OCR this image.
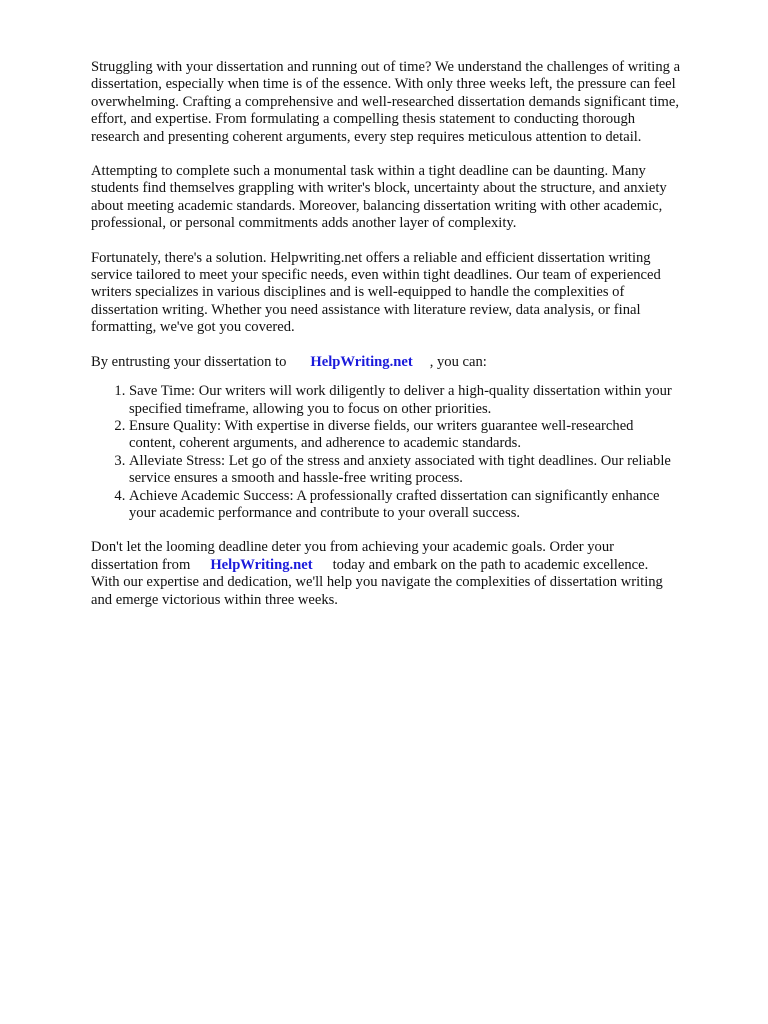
Struggling with your dissertation and running out of time? We understand the challenges of writing a
dissertation, especially when time is of the essence. With only three weeks left, the pressure can feel
overwhelming. Crafting a comprehensive and well-researched dissertation demands significant time,
effort, and expertise. From formulating a compelling thesis statement to conducting thorough
research and presenting coherent arguments, every step requires meticulous attention to detail.

Attempting to complete such a monumental task within a tight deadline can be daunting. Many
students find themselves grappling with writer's block, uncertainty about the structure, and anxiety
about meeting academic standards. Moreover, balancing dissertation writing with other academic,
professional, or personal commitments adds another layer of complexity.

Fortunately, there's a solution. Helpwriting.net offers a reliable and efficient dissertation writing
service tailored to meet your specific needs, even within tight deadlines. Our team of experienced
writers specializes in various disciplines and is well-equipped to handle the complexities of
dissertation writing. Whether you need assistance with literature review, data analysis, or final
formatting, we've got you covered.

By entrusting your dissertation to HelpWriting.net , you can:

1. Save Time: Our writers will work diligently to deliver a high-quality dissertation within your
specified timeframe, allowing you to focus on other priorities.
2. Ensure Quality: With expertise in diverse fields, our writers guarantee well-researched
content, coherent arguments, and adherence to academic standards.
3. Alleviate Stress: Let go of the stress and anxiety associated with tight deadlines. Our reliable
service ensures a smooth and hassle-free writing process.
4. Achieve Academic Success: A professionally crafted dissertation can significantly enhance
your academic performance and contribute to your overall success.

Don't let the looming deadline deter you from achieving your academic goals. Order your
dissertation from HelpWriting.net today and embark on the path to academic excellence.
With our expertise and dedication, we'll help you navigate the complexities of dissertation writing
and emerge victorious within three weeks.
